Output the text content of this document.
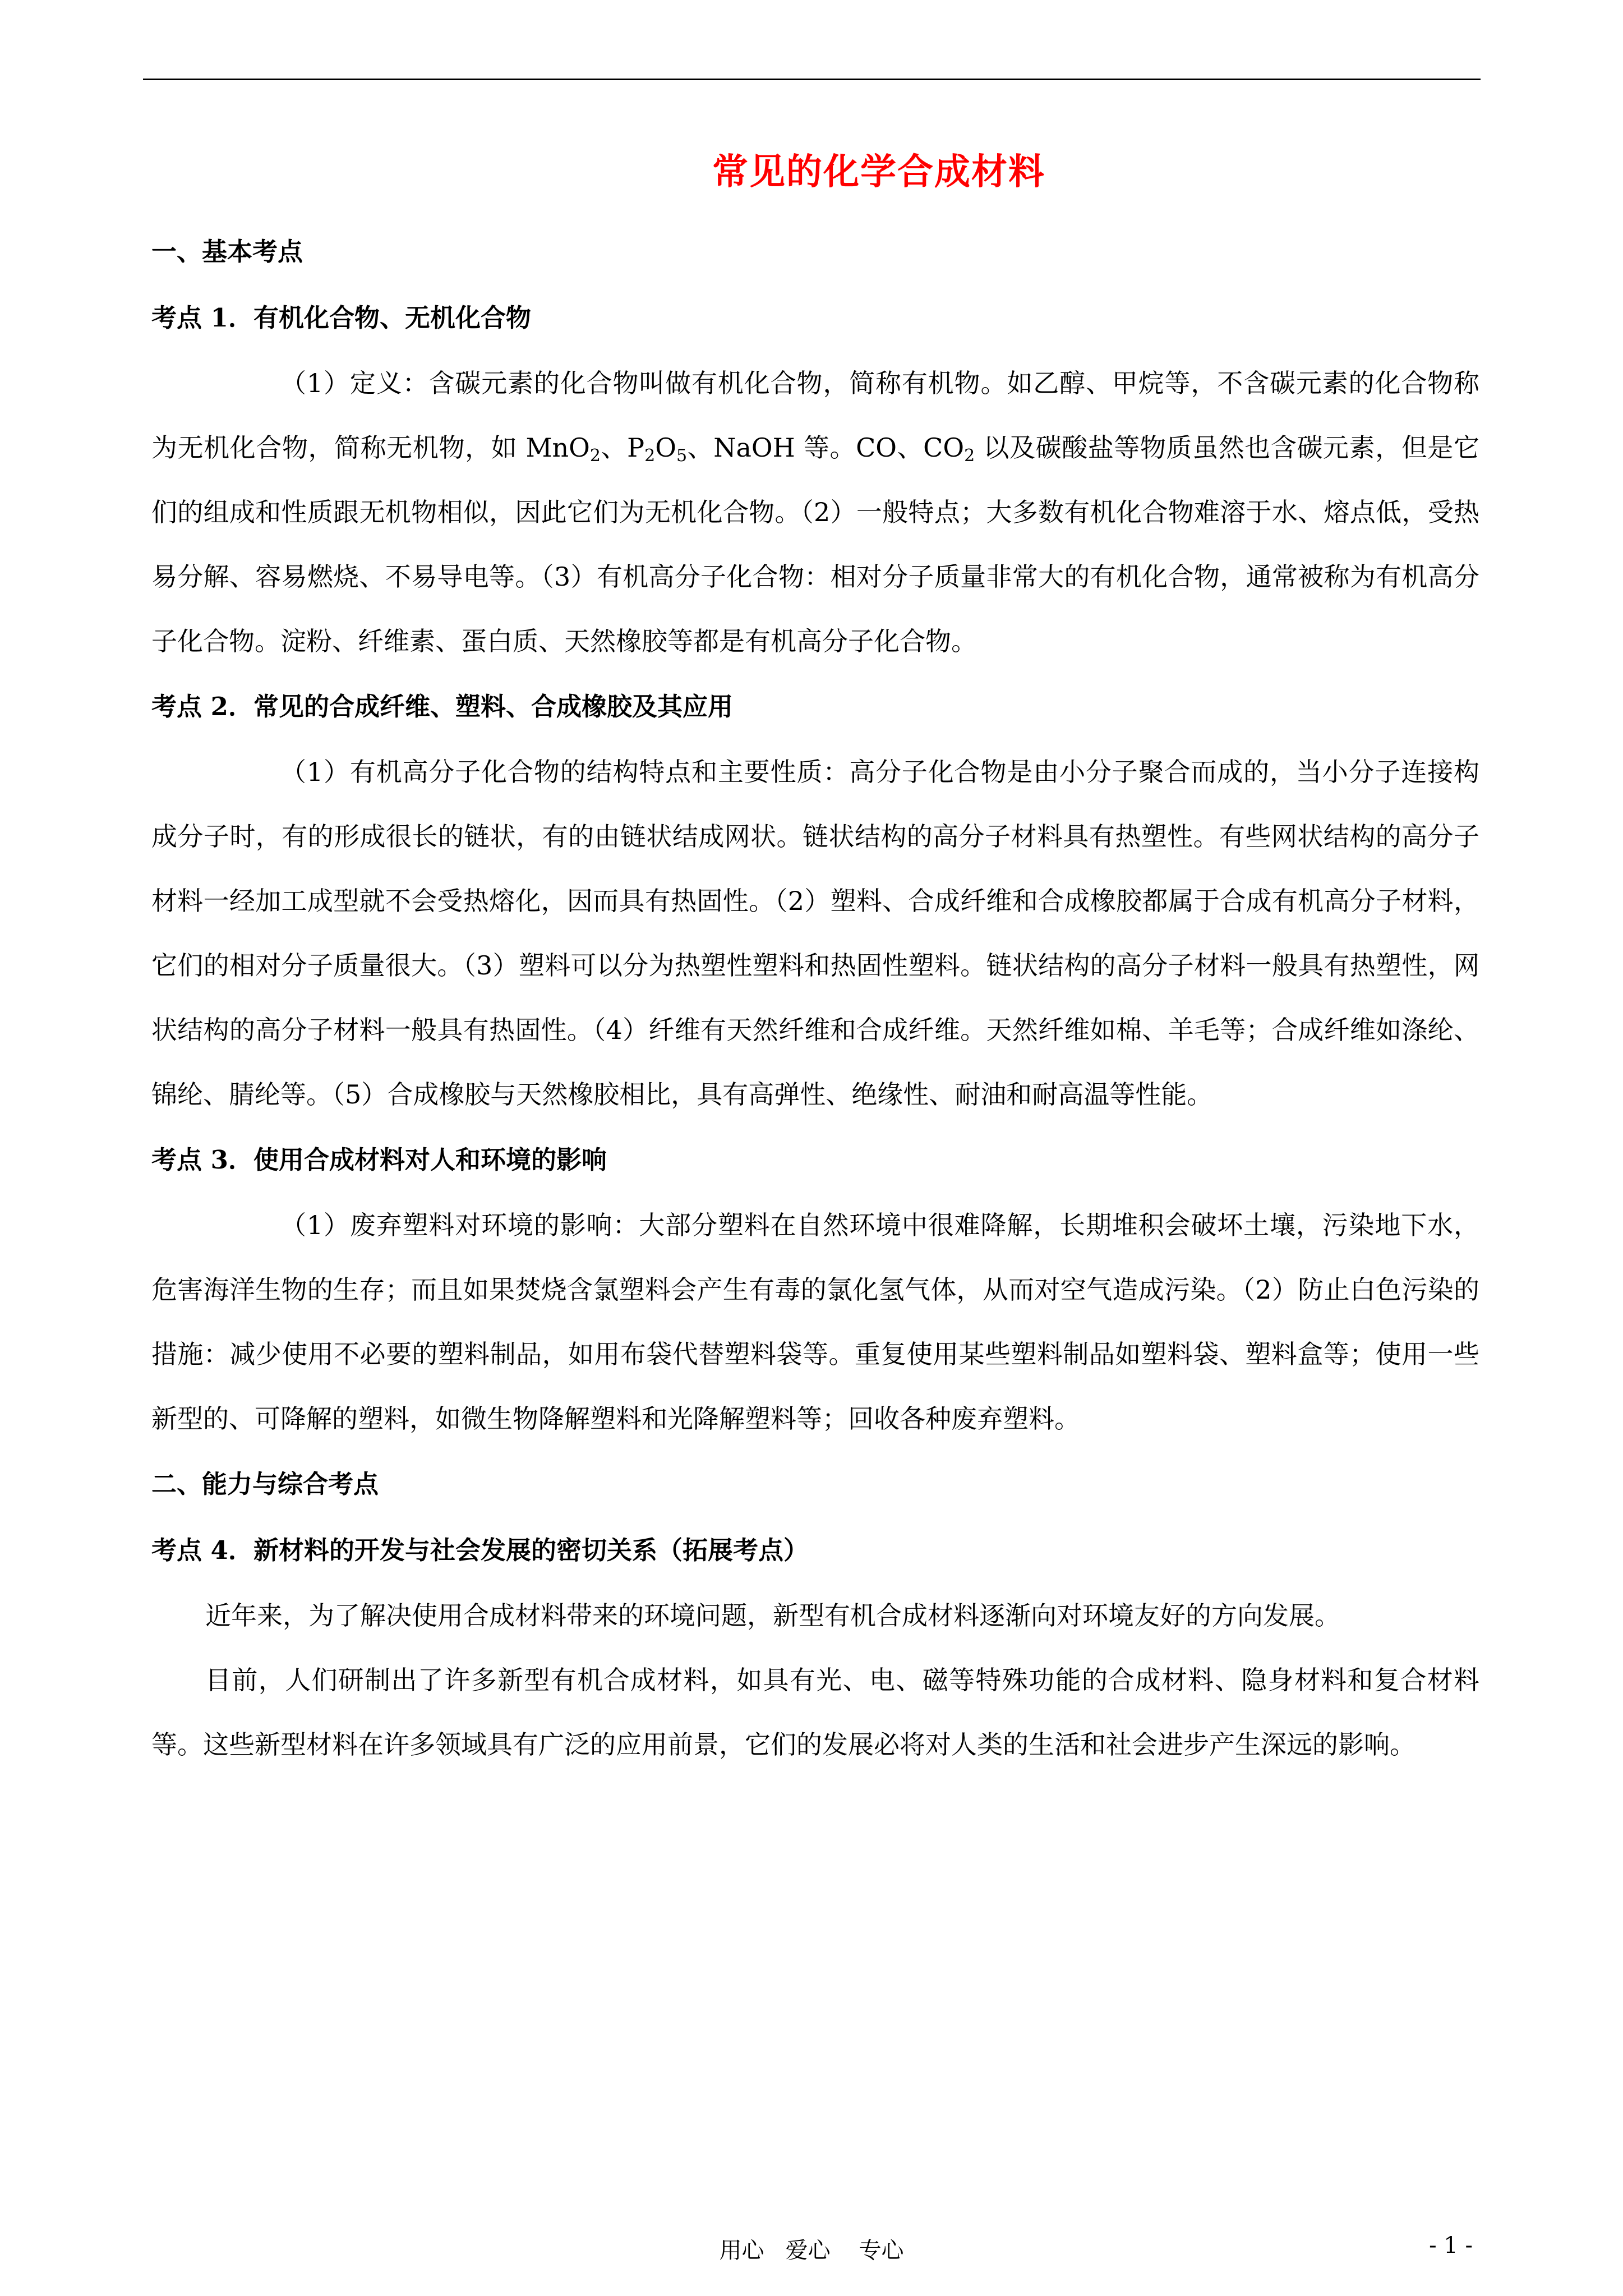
常见的化学合成材料
一、基本考点
考点 1．有机化合物、无机化合物

（1）定义：含碳元素的化合物叫做有机化合物，简称有机物。如乙醇、甲烷等，不含碳元素的化合物称为无机化合物，简称无机物，如 MnO$_2$、$P_2O_5$、NaOH 等。CO、$CO_2$ 以及碳酸盐等物质虽然也含碳元素，但是它们的组成和性质跟无机物相似，因此它们为无机化合物。（2）一般特点；大多数有机化合物难溶于水、熔点低，受热易分解、容易燃烧、不易导电等。（3）有机高分子化合物：相对分子质量非常大的有机化合物，通常被称为有机高分子化合物。淀粉、纤维素、蛋白质、天然橡胶等都是有机高分子化合物。

考点 2．常见的合成纤维、塑料、合成橡胶及其应用

（1）有机高分子化合物的结构特点和主要性质：高分子化合物是由小分子聚合而成的，当小分子连接构成分子时，有的形成很长的链状，有的由链状结成网状。链状结构的高分子材料具有热塑性。有些网状结构的高分子材料一经加工成型就不会受热熔化，因而具有热固性。（2）塑料、合成纤维和合成橡胶都属于合成有机高分子材料，它们的相对分子质量很大。（3）塑料可以分为热塑性塑料和热固性塑料。链状结构的高分子材料一般具有热塑性，网状结构的高分子材料一般具有热固性。（4）纤维有天然纤维和合成纤维。天然纤维如棉、羊毛等；合成纤维如涤纶、锦纶、腈纶等。（5）合成橡胶与天然橡胶相比，具有高弹性、绝缘性、耐油和耐高温等性能。

考点 3．使用合成材料对人和环境的影响

（1）废弃塑料对环境的影响：大部分塑料在自然环境中很难降解，长期堆积会破坏土壤，污染地下水，危害海洋生物的生存；而且如果焚烧含氯塑料会产生有毒的氯化氢气体，从而对空气造成污染。（2）防止白色污染的措施：减少使用不必要的塑料制品，如用布袋代替塑料袋等。重复使用某些塑料制品如塑料袋、塑料盒等；使用一些新型的、可降解的塑料，如微生物降解塑料和光降解塑料等；回收各种废弃塑料。

二、能力与综合考点
考点 4．新材料的开发与社会发展的密切关系（拓展考点）

近年来，为了解决使用合成材料带来的环境问题，新型有机合成材料逐渐向对环境友好的方向发展。

目前，人们研制出了许多新型有机合成材料，如具有光、电、磁等特殊功能的合成材料、隐身材料和复合材料等。这些新型材料在许多领域具有广泛的应用前景，它们的发展必将对人类的生活和社会进步产生深远的影响。

用心   爱心    专心	- 1 -
